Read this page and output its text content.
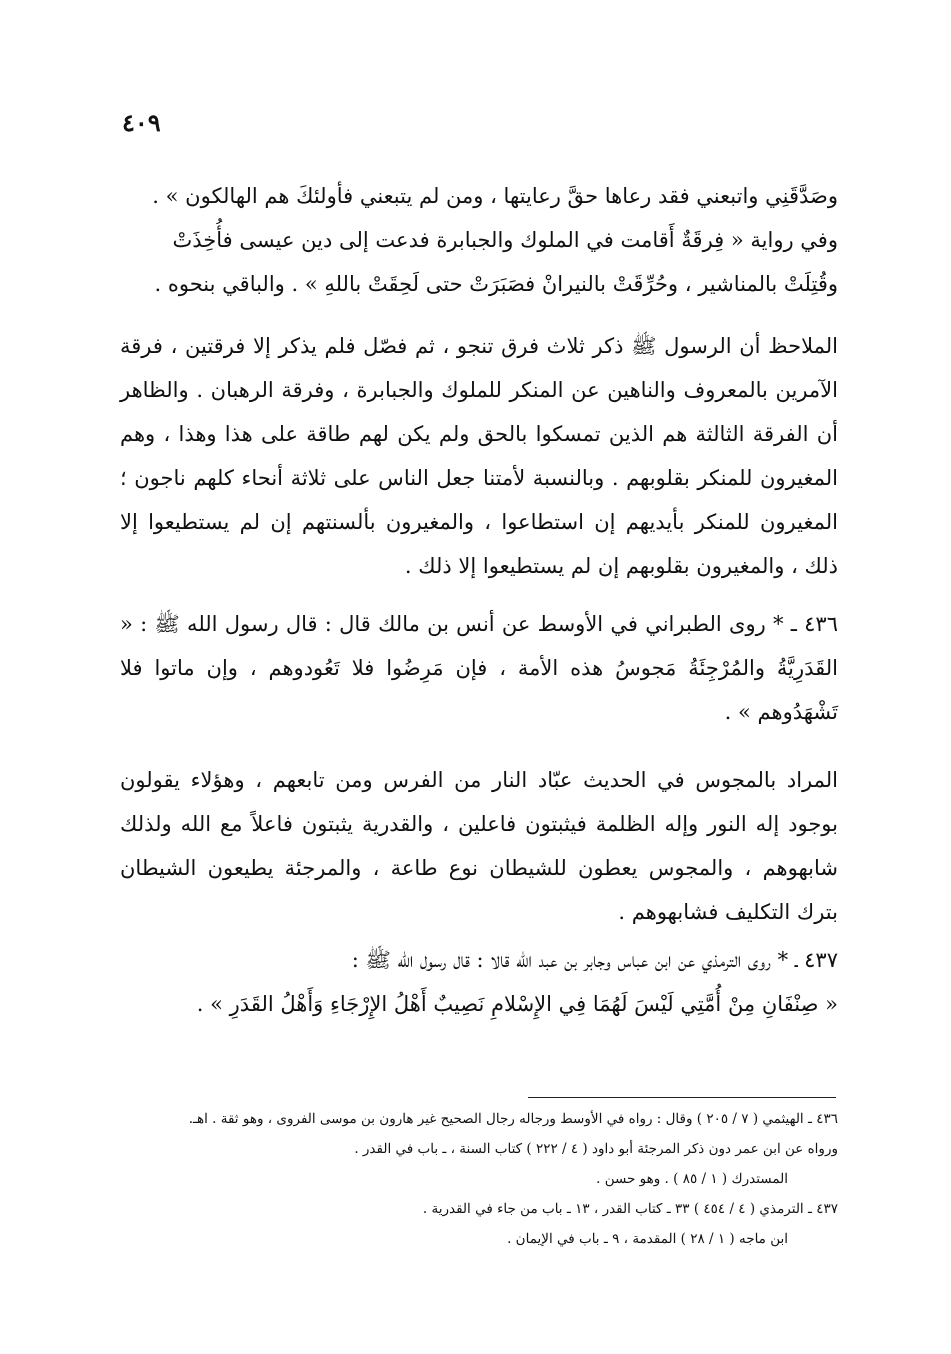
٤٠٩
وصَدَّقَنِي واتبعني فقد رعاها حقَّ رعايتها ، ومن لم يتبعني فأولئكَ هم الهالكون » .
وفي رواية « فِرقَةٌ أَقامت في الملوك والجبابرة فدعت إلى دين عيسى فأُخِذَتْ
وقُتِلَتْ بالمناشير ، وحُرِّقَتْ بالنيرانْ فصَبَرَتْ حتى لَحِقَتْ باللهِ » . والباقي بنحوه .
الملاحظ أن الرسول ﷺ ذكر ثلاث فرق تنجو ، ثم فصّل فلم يذكر إلا فرقتين ، فرقة الآمرين بالمعروف والناهين عن المنكر للملوك والجبابرة ، وفرقة الرهبان . والظاهر أن الفرقة الثالثة هم الذين تمسكوا بالحق ولم يكن لهم طاقة على هذا وهذا ، وهم المغيرون للمنكر بقلوبهم . وبالنسبة لأمتنا جعل الناس على ثلاثة أنحاء كلهم ناجون ؛ المغيرون للمنكر بأيديهم إن استطاعوا ، والمغيرون بألسنتهم إن لم يستطيعوا إلا ذلك ، والمغيرون بقلوبهم إن لم يستطيعوا إلا ذلك .
٤٣٦ ـ * روى الطبراني في الأوسط عن أنس بن مالك قال : قال رسول الله ﷺ : « القَدَرِيَّةُ والمُرْجِئَةُ مَجوسُ هذه الأمة ، فإن مَرِضُوا فلا تَعُودوهم ، وإن ماتوا فلا تَشْهَدُوهم » .
المراد بالمجوس في الحديث عبّاد النار من الفرس ومن تابعهم ، وهؤلاء يقولون بوجود إله النور وإله الظلمة فيثبتون فاعلين ، والقدرية يثبتون فاعلاً مع الله ولذلك شابهوهم ، والمجوس يعطون للشيطان نوع طاعة ، والمرجئة يطيعون الشيطان بترك التكليف فشابهوهم .
٤٣٧ ـ * روى الترمذي عن ابن عباس وجابر بن عبد الله قالا : قال رسول الله ﷺ :
« صِنْفَانِ مِنْ أُمَّتِي لَيْسَ لَهُمَا فِي الإِسْلامِ نَصِيبٌ أَهْلُ الإِرْجَاءِ وَأَهْلُ القَدَرِ » .
٤٣٦ ـ الهيثمي ( ٧ / ٢٠٥ ) وقال : رواه في الأوسط ورجاله رجال الصحيح غير هارون بن موسى الفروى ، وهو ثقة . اهـ.
ورواه عن ابن عمر دون ذكر المرجئة أبو داود ( ٤ / ٢٢٢ ) كتاب السنة ، ـ باب في القدر .
المستدرك ( ١ / ٨٥ ) . وهو حسن .
٤٣٧ ـ الترمذي ( ٤ / ٤٥٤ ) ٣٣ ـ كتاب القدر ، ١٣ ـ باب من جاء في القدرية .
ابن ماجه ( ١ / ٢٨ ) المقدمة ، ٩ ـ باب في الإيمان .
